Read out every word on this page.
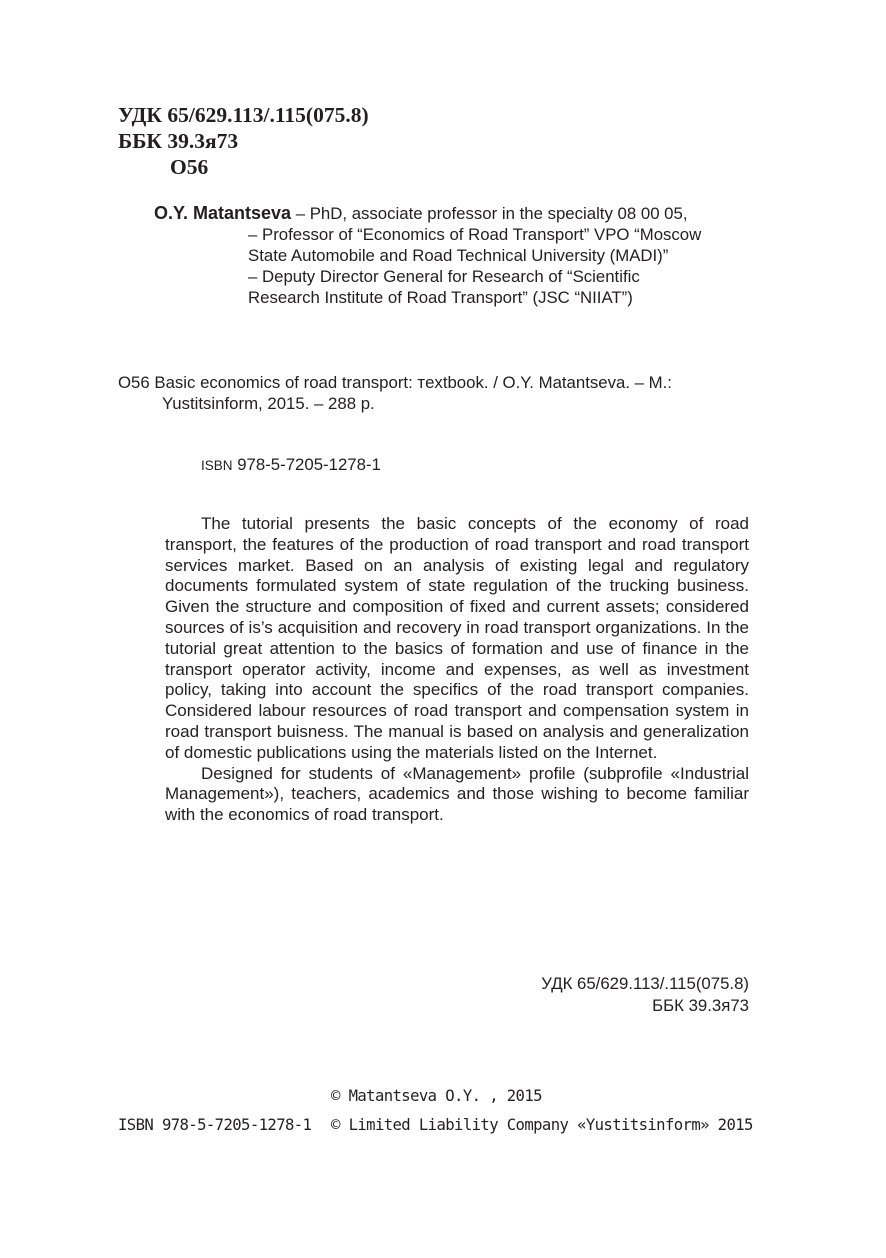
УДК 65/629.113/.115(075.8)
ББК 39.3я73
O56
O.Y. Matantseva – PhD, associate professor in the specialty 08 00 05,
– Professor of “Economics of Road Transport” VPO “Moscow
State Automobile and Road Technical University (MADI)”
– Deputy Director General for Research of “Scientific
Research Institute of Road Transport” (JSC “NIIAT”)
O56 Basic economics of road transport: тextbook. / O.Y. Matantseva. – M.:
Yustitsinform, 2015. – 288 p.
ISBN 978-5-7205-1278-1

The tutorial presents the basic concepts of the economy of road transport, the features of the production of road transport and road transport services market. Based on an analysis of existing legal and regulatory documents formulated system of state regulation of the trucking business. Given the structure and composition of fixed and current assets; considered sources of is’s acquisition and recovery in road transport organizations. In the tutorial great attention to the basics of formation and use of finance in the transport operator activity, income and expenses, as well as investment policy, taking into account the specifics of the road transport companies. Considered labour resources of road transport and compensation system in road transport buisness. The manual is based on analysis and generalization of domestic publications using the materials listed on the Internet.

Designed for students of «Management» profile (subprofile «Industrial Management»), teachers, academics and those wishing to become familiar with the economics of road transport.

УДК 65/629.113/.115(075.8)
ББК 39.3я73
© Matantseva O.Y. , 2015
ISBN 978-5-7205-1278-1 © Limited Liability Company «Yustitsinform» 2015
